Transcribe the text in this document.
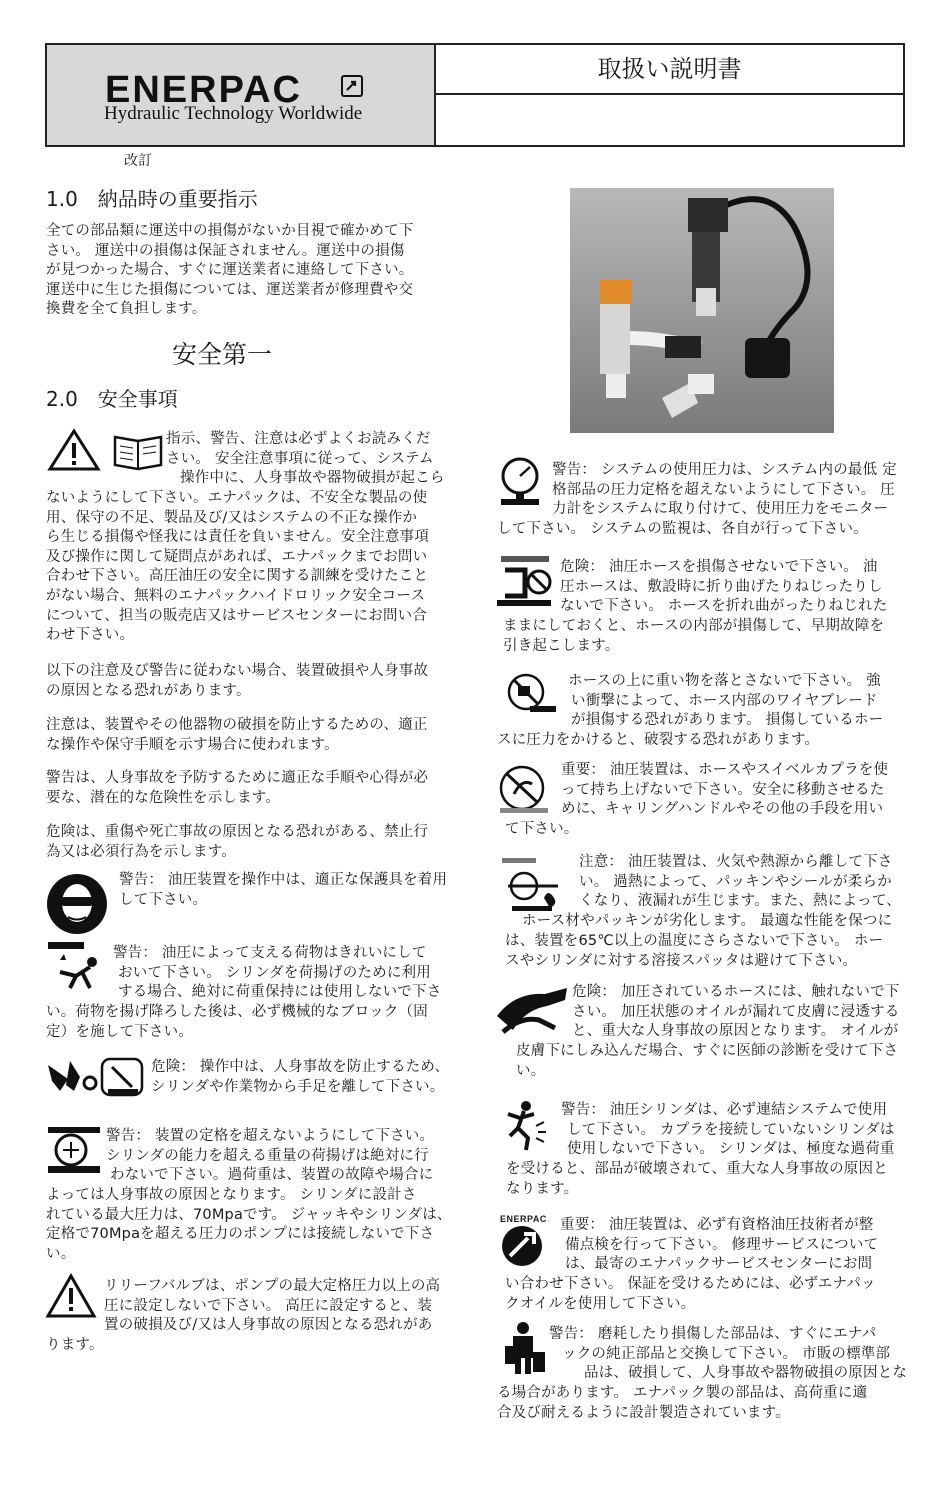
ENERPAC
Hydraulic Technology Worldwide
取扱い説明書
改訂
1.0　納品時の重要指示
全ての部品類に運送中の損傷がないか目視で確かめて下
さい。 運送中の損傷は保証されません。運送中の損傷
が見つかった場合、すぐに運送業者に連絡して下さい。
運送中に生じた損傷については、運送業者が修理費や交
換費を全て負担します。
安全第一
2.0　安全事項
指示、警告、注意は必ずよくお読みくだ
さい。 安全注意事項に従って、システム
操作中に、人身事故や器物破損が起こら
ないようにして下さい。エナパックは、不安全な製品の使
用、保守の不足、製品及び/又はシステムの不正な操作か
ら生じる損傷や怪我には責任を負いません。安全注意事項
及び操作に関して疑問点があれば、エナパックまでお問い
合わせ下さい。高圧油圧の安全に関する訓練を受けたこと
がない場合、無料のエナパックハイドロリック安全コース
について、担当の販売店又はサービスセンターにお問い合
わせ下さい。
以下の注意及び警告に従わない場合、装置破損や人身事故
の原因となる恐れがあります。
注意は、装置やその他器物の破損を防止するための、適正
な操作や保守手順を示す場合に使われます。
警告は、人身事故を予防するために適正な手順や心得が必
要な、潜在的な危険性を示します。
危険は、重傷や死亡事故の原因となる恐れがある、禁止行
為又は必須行為を示します。
警告： 油圧装置を操作中は、適正な保護具を着用
して下さい。
警告： 油圧によって支える荷物はきれいにして
おいて下さい。 シリンダを荷揚げのために利用
する場合、絶対に荷重保持には使用しないで下さ
い。荷物を揚げ降ろした後は、必ず機械的なブロック（固
定）を施して下さい。
危険： 操作中は、人身事故を防止するため、
シリンダや作業物から手足を離して下さい。
警告： 装置の定格を超えないようにして下さい。
シリンダの能力を超える重量の荷揚げは絶対に行
わないで下さい。過荷重は、装置の故障や場合に
よっては人身事故の原因となります。 シリンダに設計さ
れている最大圧力は、70Mpaです。 ジャッキやシリンダは、
定格で70Mpaを超える圧力のポンプには接続しないで下さ
い。
リリーフバルブは、ポンプの最大定格圧力以上の高
圧に設定しないで下さい。 高圧に設定すると、装
置の破損及び/又は人身事故の原因となる恐れがあ
ります。
警告： システムの使用圧力は、システム内の最低 定
格部品の圧力定格を超えないようにして下さい。 圧
力計をシステムに取り付けて、使用圧力をモニター
して下さい。 システムの監視は、各自が行って下さい。
危険： 油圧ホースを損傷させないで下さい。 油
圧ホースは、敷設時に折り曲げたりねじったりし
ないで下さい。 ホースを折れ曲がったりねじれた
ままにしておくと、ホースの内部が損傷して、早期故障を
引き起こします。
ホースの上に重い物を落とさないで下さい。 強
い衝撃によって、ホース内部のワイヤブレード
が損傷する恐れがあります。 損傷しているホー
スに圧力をかけると、破裂する恐れがあります。
重要： 油圧装置は、ホースやスイベルカプラを使
って持ち上げないで下さい。安全に移動させるた
めに、キャリングハンドルやその他の手段を用い
て下さい。
注意： 油圧装置は、火気や熱源から離して下さ
い。 過熱によって、パッキンやシールが柔らか
くなり、液漏れが生じます。また、熱によって、
ホース材やパッキンが劣化します。 最適な性能を保つに
は、装置を65℃以上の温度にさらさないで下さい。 ホー
スやシリンダに対する溶接スパッタは避けて下さい。
危険： 加圧されているホースには、触れないで下
さい。 加圧状態のオイルが漏れて皮膚に浸透する
と、重大な人身事故の原因となります。 オイルが
皮膚下にしみ込んだ場合、すぐに医師の診断を受けて下さ
い。
警告： 油圧シリンダは、必ず連結システムで使用
して下さい。 カプラを接続していないシリンダは
使用しないで下さい。 シリンダは、極度な過荷重
を受けると、部品が破壊されて、重大な人身事故の原因と
なります。
ENERPAC 重要： 油圧装置は、必ず有資格油圧技術者が整
備点検を行って下さい。 修理サービスについて
は、最寄のエナパックサービスセンターにお問
い合わせ下さい。 保証を受けるためには、必ずエナパッ
クオイルを使用して下さい。
警告： 磨耗したり損傷した部品は、すぐにエナパ
ックの純正部品と交換して下さい。 市販の標準部
品は、破損して、人身事故や器物破損の原因とな
る場合があります。 エナパック製の部品は、高荷重に適
合及び耐えるように設計製造されています。
